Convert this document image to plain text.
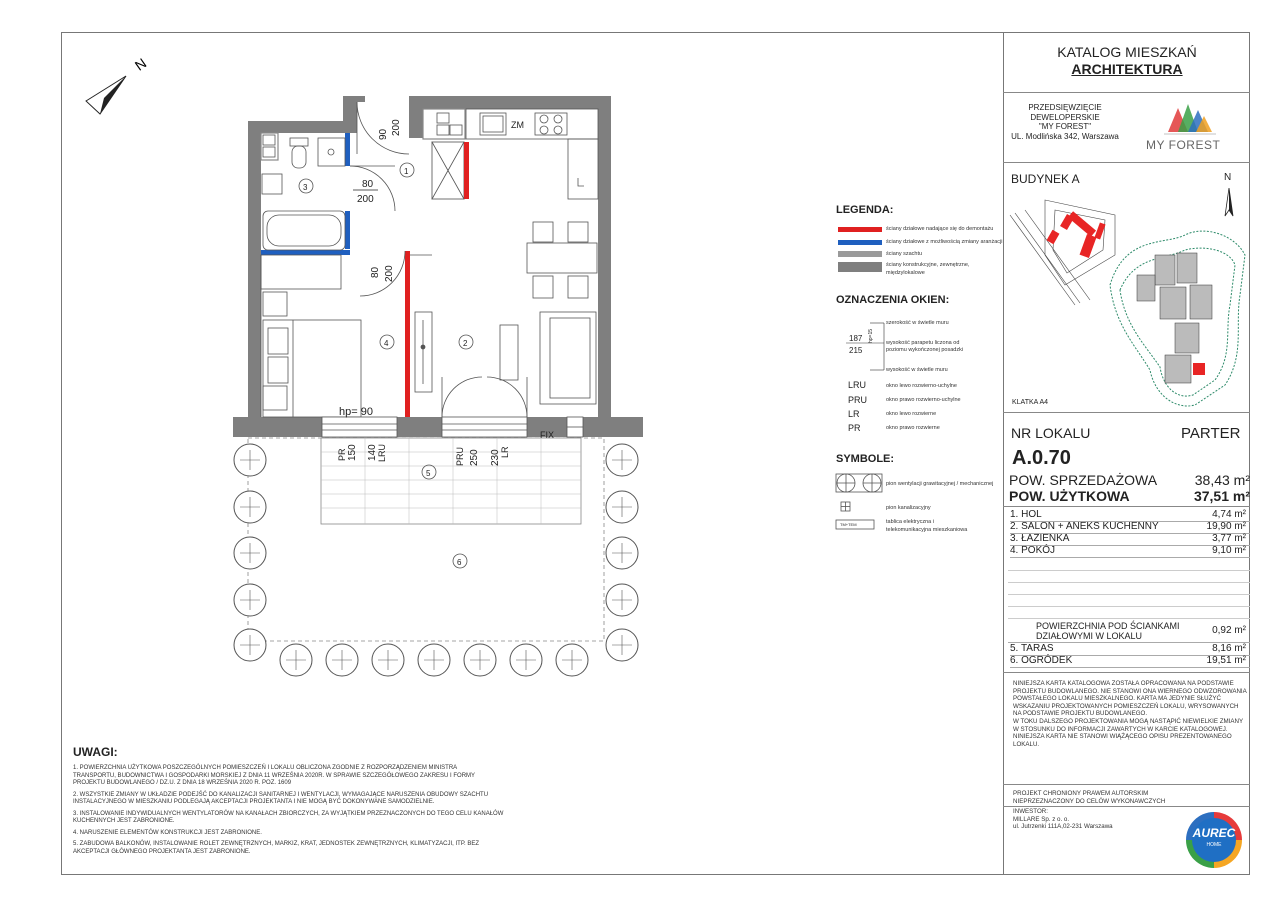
N
ZM
90 200
80
200
80 200
hp= 90
FIX
PR 150 140 LRU	PRU 250 230 LR
1
2
3
4
5
6
LEGENDA:
ściany działowe nadające się do demontażu
ściany działowe z możliwością zmiany aranżacji
ściany szachtu
ściany konstrukcyjne, zewnętrzne,
międzylokalowe
OZNACZENIA OKIEN:
szerokość w świetle muru
wysokość parapetu liczona od
poziomu wykończonej posadzki
wysokość w świetle muru
187
215
hp=15
LRU	okno lewo rozwierno-uchylne
PRU	okno prawo rozwierno-uchylne
LR	okno lewo rozwierne
PR	okno prawo rozwierne
SYMBOLE:
pion wentylacji grawitacyjnej / mechanicznej
pion kanalizacyjny
tablica elektryczna i
telekomunikacyjna mieszkaniowa
TM+TEM
UWAGI:
1. POWIERZCHNIA UŻYTKOWA POSZCZEGÓLNYCH POMIESZCZEŃ I LOKALU OBLICZONA ZGODNIE Z ROZPORZĄDZENIEM MINISTRA
TRANSPORTU, BUDOWNICTWA I GOSPODARKI MORSKIEJ Z DNIA 11 WRZEŚNIA 2020R. W SPRAWIE SZCZEGÓŁOWEGO ZAKRESU I FORMY
PROJEKTU BUDOWLANEGO / DZ.U. Z DNIA 18 WRZEŚNIA 2020 R. POZ. 1609
2. WSZYSTKIE ZMIANY W UKŁADZIE PODEJŚĆ DO KANALIZACJI SANITARNEJ I WENTYLACJI, WYMAGAJĄCE NARUSZENIA OBUDOWY SZACHTU
INSTALACYJNEGO W MIESZKANIU PODLEGAJĄ AKCEPTACJI PROJEKTANTA I NIE MOGĄ BYĆ DOKONYWANE SAMODZIELNIE.
3. INSTALOWANIE INDYWIDUALNYCH WENTYLATORÓW NA KANAŁACH ZBIORCZYCH, ZA WYJĄTKIEM PRZEZNACZONYCH DO TEGO CELU KANAŁÓW
KUCHENNYCH JEST ZABRONIONE.
4. NARUSZENIE ELEMENTÓW KONSTRUKCJI JEST ZABRONIONE.
5. ZABUDOWA BALKONÓW, INSTALOWANIE ROLET ZEWNĘTRZNYCH, MARKIZ, KRAT, JEDNOSTEK ZEWNĘTRZNYCH, KLIMATYZACJI, ITP. BEZ
AKCEPTACJI GŁÓWNEGO PROJEKTANTA JEST ZABRONIONE.
KATALOG MIESZKAŃ
ARCHITEKTURA
PRZEDSIĘWZIĘCIE
DEWELOPERSKIE
"MY FOREST"
UL. Modlińska 342, Warszawa
MY FOREST
BUDYNEK A	N
KLATKA A4
NR LOKALU	PARTER
A.0.70
POW. SPRZEDAŻOWA	38,43 m²
POW. UŻYTKOWA	37,51 m²
1. HOL	4,74 m²
2. SALON + ANEKS KUCHENNY	19,90 m²
3. ŁAZIENKA	3,77 m²
4. POKÓJ	9,10 m²
POWIERZCHNIA POD ŚCIANKAMI
DZIAŁOWYMI W LOKALU	0,92 m²
5. TARAS	8,16 m²
6. OGRÓDEK	19,51 m²
NINIEJSZA KARTA KATALOGOWA ZOSTAŁA OPRACOWANA NA PODSTAWIE
PROJEKTU BUDOWLANEGO. NIE STANOWI ONA WIERNEGO ODWZOROWANIA
POWSTAŁEGO LOKALU MIESZKALNEGO. KARTA MA JEDYNIE SŁUŻYĆ
WSKAZANIU PROJEKTOWANYCH POMIESZCZEŃ LOKALU, WRYSOWANYCH
NA PODSTAWIE PROJEKTU BUDOWLANEGO.
W TOKU DALSZEGO PROJEKTOWANIA MOGĄ NASTĄPIĆ NIEWIELKIE ZMIANY
W STOSUNKU DO INFORMACJI ZAWARTYCH W KARCIE KATALOGOWEJ.
NINIEJSZA KARTA NIE STANOWI WIĄŻĄCEGO OPISU PREZENTOWANEGO
LOKALU.
PROJEKT CHRONIONY PRAWEM AUTORSKIM
NIEPRZEZNACZONY DO CELÓW WYKONAWCZYCH
INWESTOR:
MILLARE Sp. z o. o.
ul. Jutrzenki 111A,02-231 Warszawa	AUREC
HOME
